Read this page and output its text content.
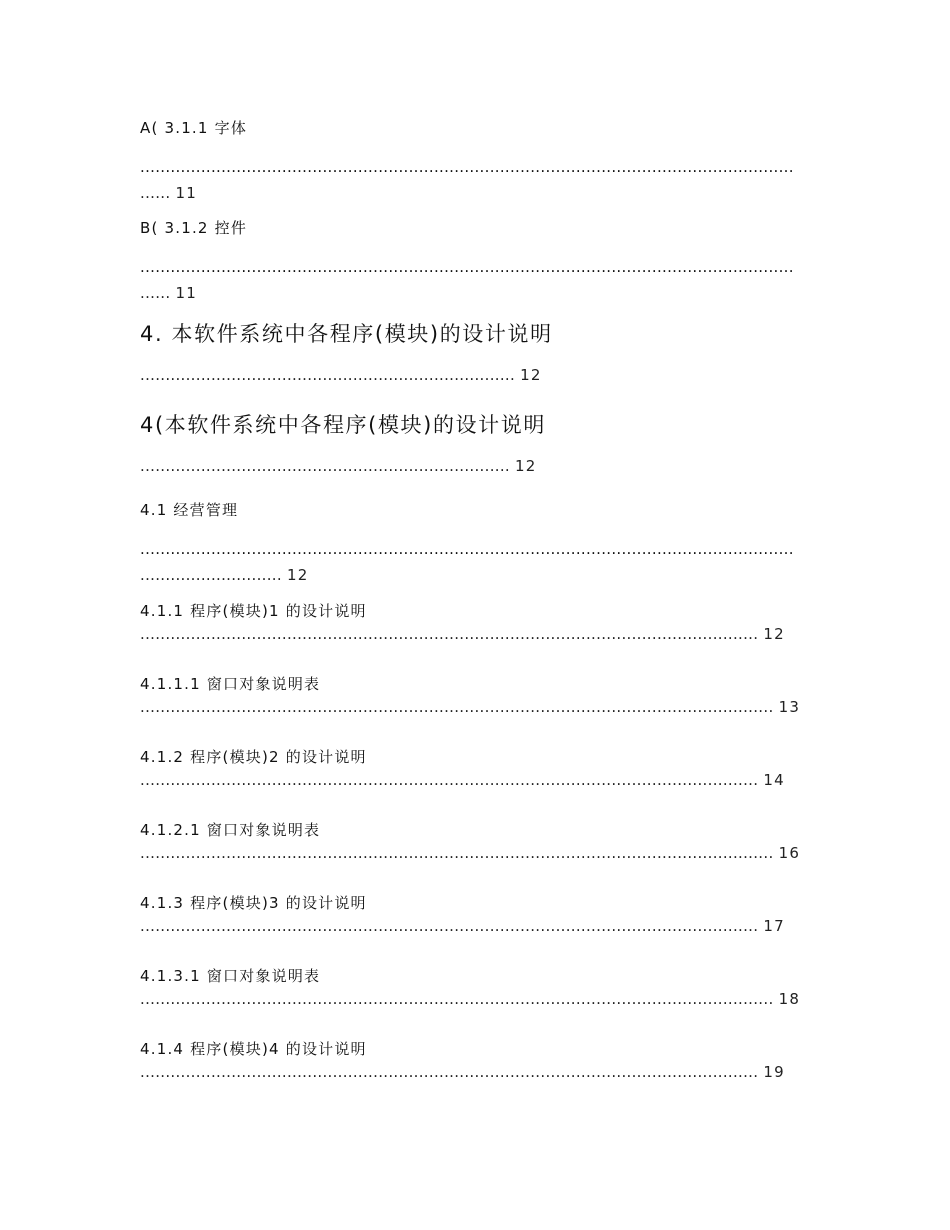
A( 3.1.1 字体
.................................................................................................................................
...... 11
B( 3.1.2 控件
.................................................................................................................................
...... 11
4. 本软件系统中各程序(模块)的设计说明
.......................................................................... 12
4(本软件系统中各程序(模块)的设计说明
......................................................................... 12
4.1 经营管理
.................................................................................................................................
............................ 12
4.1.1 程序(模块)1 的设计说明
.......................................................................................................................... 12
4.1.1.1 窗口对象说明表
............................................................................................................................. 13
4.1.2 程序(模块)2 的设计说明
.......................................................................................................................... 14
4.1.2.1 窗口对象说明表
............................................................................................................................. 16
4.1.3 程序(模块)3 的设计说明
.......................................................................................................................... 17
4.1.3.1 窗口对象说明表
............................................................................................................................. 18
4.1.4 程序(模块)4 的设计说明
.......................................................................................................................... 19
